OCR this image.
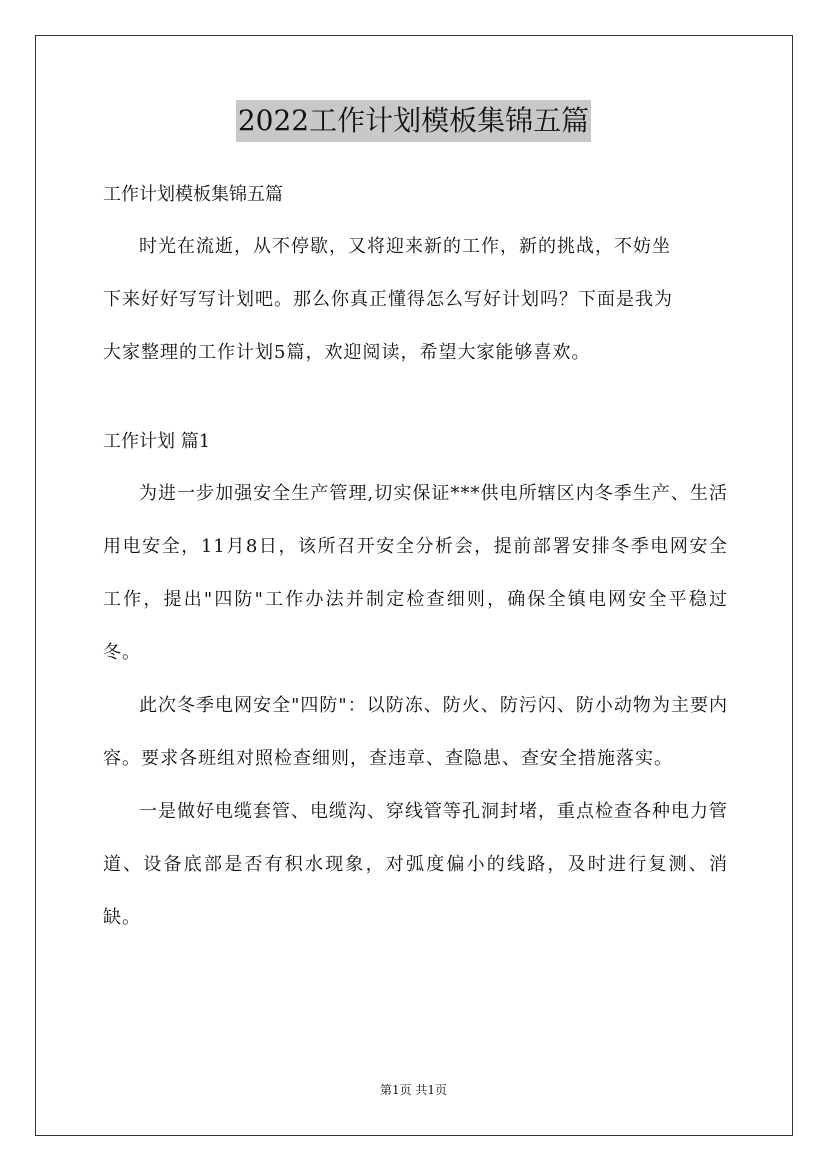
2022工作计划模板集锦五篇

工作计划模板集锦五篇

时光在流逝，从不停歇，又将迎来新的工作，新的挑战，不妨坐
下来好好写写计划吧。那么你真正懂得怎么写好计划吗？下面是我为
大家整理的工作计划5篇，欢迎阅读，希望大家能够喜欢。

工作计划 篇1

为进一步加强安全生产管理,切实保证***供电所辖区内冬季生产、生活用电安全，11月8日，该所召开安全分析会，提前部署安排冬季电网安全工作，提出"四防"工作办法并制定检查细则，确保全镇电网安全平稳过冬。

此次冬季电网安全"四防"：以防冻、防火、防污闪、防小动物为主要内容。要求各班组对照检查细则，查违章、查隐患、查安全措施落实。

一是做好电缆套管、电缆沟、穿线管等孔洞封堵，重点检查各种电力管道、设备底部是否有积水现象，对弧度偏小的线路，及时进行复测、消缺。

第1页 共1页
